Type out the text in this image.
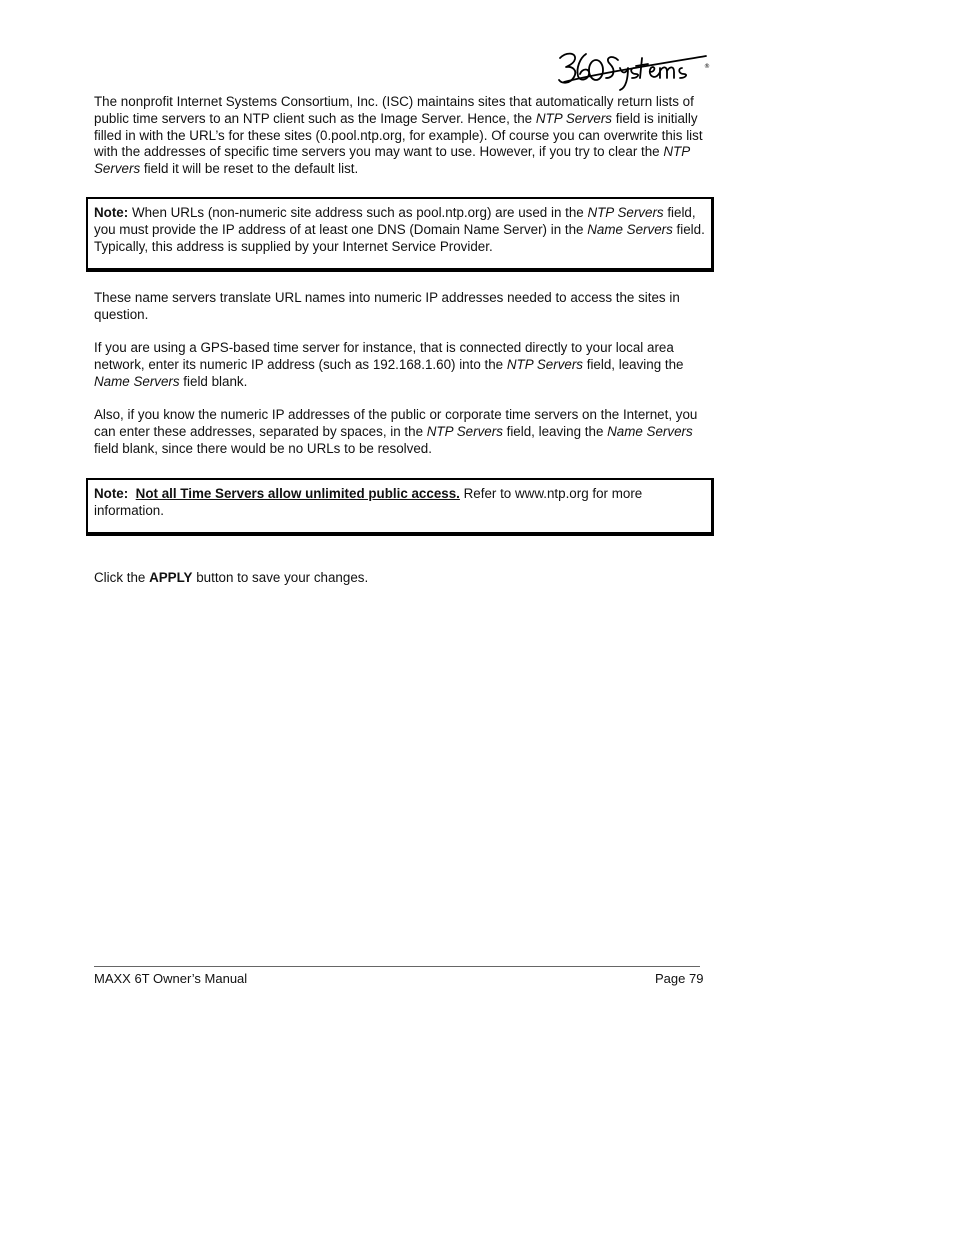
®

The nonprofit Internet Systems Consortium, Inc. (ISC) maintains sites that automatically return lists of public time servers to an NTP client such as the Image Server. Hence, the NTP Servers field is initially filled in with the URL’s for these sites (0.pool.ntp.org, for example). Of course you can overwrite this list with the addresses of specific time servers you may want to use. However, if you try to clear the NTP Servers field it will be reset to the default list.

Note: When URLs (non-numeric site address such as pool.ntp.org) are used in the NTP Servers field, you must provide the IP address of at least one DNS (Domain Name Server) in the Name Servers field. Typically, this address is supplied by your Internet Service Provider.

These name servers translate URL names into numeric IP addresses needed to access the sites in question.

If you are using a GPS-based time server for instance, that is connected directly to your local area network, enter its numeric IP address (such as 192.168.1.60) into the NTP Servers field, leaving the Name Servers field blank.

Also, if you know the numeric IP addresses of the public or corporate time servers on the Internet, you can enter these addresses, separated by spaces, in the NTP Servers field, leaving the Name Servers field blank, since there would be no URLs to be resolved.

Note: Not all Time Servers allow unlimited public access. Refer to www.ntp.org for more information.

Click the APPLY button to save your changes.

MAXX 6T Owner’s Manual	Page 79
